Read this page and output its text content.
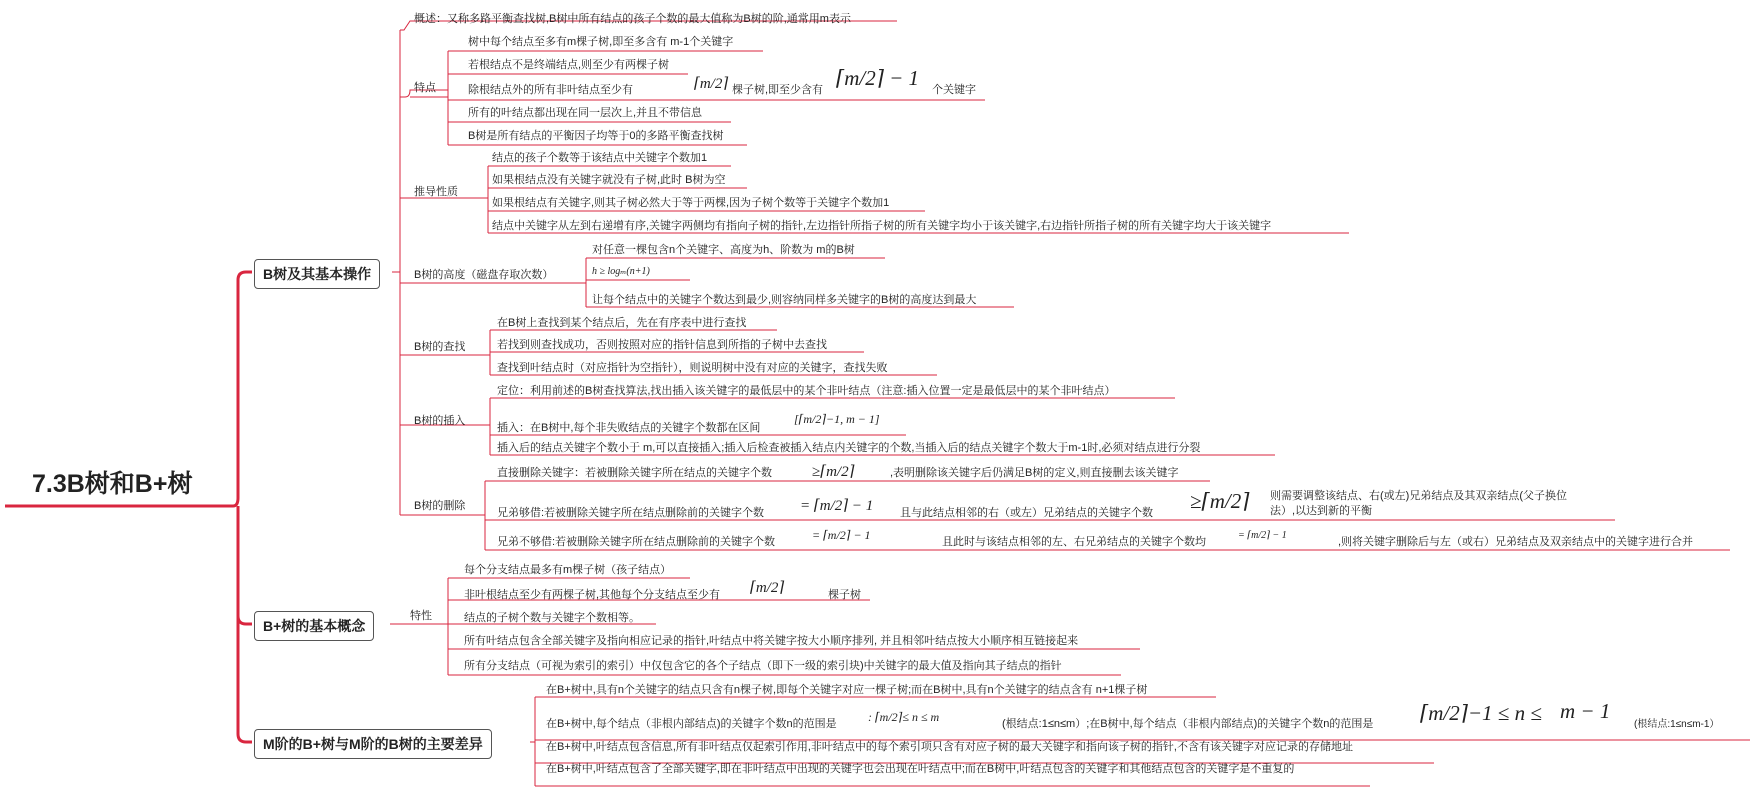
7.3B树和B+树
B树及其基本操作
B+树的基本概念
M阶的B+树与M阶的B树的主要差异
概述：又称多路平衡查找树,B树中所有结点的孩子个数的最大值称为B树的阶,通常用m表示
特点
树中每个结点至多有m棵子树,即至多含有 m-1个关键字
若根结点不是终端结点,则至少有两棵子树
除根结点外的所有非叶结点至少有	⌈m/2⌉ 棵子树,即至少含有 ⌈m/2⌉ − 1 个关键字
所有的叶结点都出现在同一层次上,并且不带信息
B树是所有结点的平衡因子均等于0的多路平衡查找树
推导性质
结点的孩子个数等于该结点中关键字个数加1
如果根结点没有关键字就没有子树,此时 B树为空
如果根结点有关键字,则其子树必然大于等于两棵,因为子树个数等于关键字个数加1
结点中关键字从左到右递增有序,关键字两侧均有指向子树的指针,左边指针所指子树的所有关键字均小于该关键字,右边指针所指子树的所有关键字均大于该关键字
B树的高度（磁盘存取次数）
对任意一棵包含n个关键字、高度为h、阶数为 m的B树
h ≥ logₘ(n+1)
让每个结点中的关键字个数达到最少,则容纳同样多关键字的B树的高度达到最大
B树的查找
在B树上查找到某个结点后，先在有序表中进行查找
若找到则查找成功，否则按照对应的指针信息到所指的子树中去查找
查找到叶结点时（对应指针为空指针），则说明树中没有对应的关键字，查找失败
B树的插入
定位：利用前述的B树查找算法,找出插入该关键字的最低层中的某个非叶结点（注意:插入位置一定是最低层中的某个非叶结点）
插入：在B树中,每个非失败结点的关键字个数都在区间
[⌈m/2⌉−1, m − 1]
插入后的结点关键字个数小于 m,可以直接插入;插入后检查被插入结点内关键字的个数,当插入后的结点关键字个数大于m-1时,必须对结点进行分裂
B树的删除
直接删除关键字：若被删除关键字所在结点的关键字个数	≥⌈m/2⌉	,表明删除该关键字后仍满足B树的定义,则直接删去该关键字
兄弟够借:若被删除关键字所在结点删除前的关键字个数 = ⌈m/2⌉ − 1 且与此结点相邻的右（或左）兄弟结点的关键字个数 ≥⌈m/2⌉ 则需要调整该结点、右(或左)兄弟结点及其双亲结点(父子换位
法）,以达到新的平衡
兄弟不够借:若被删除关键字所在结点删除前的关键字个数	= ⌈m/2⌉ − 1	且此时与该结点相邻的左、右兄弟结点的关键字个数均
= ⌈m/2⌉ − 1
,则将关键字删除后与左（或右）兄弟结点及双亲结点中的关键字进行合并
特性
每个分支结点最多有m棵子树（孩子结点）
非叶根结点至少有两棵子树,其他每个分支结点至少有 ⌈m/2⌉	棵子树
结点的子树个数与关键字个数相等。
所有叶结点包含全部关键字及指向相应记录的指针,叶结点中将关键字按大小顺序排列, 并且相邻叶结点按大小顺序相互链接起来
所有分支结点（可视为索引的索引）中仅包含它的各个子结点（即下一级的索引块)中关键字的最大值及指向其子结点的指针
在B+树中,具有n个关键字的结点只含有n棵子树,即每个关键字对应一棵子树;而在B树中,具有n个关键字的结点含有 n+1棵子树
在B+树中,每个结点（非根内部结点)的关键字个数n的范围是	: ⌈m/2⌉≤ n ≤ m	(根结点:1≤n≤m）;在B树中,每个结点（非根内部结点)的关键字个数n的范围是 ⌈m/2⌉−1 ≤ n ≤ m − 1
(根结点:1≤n≤m-1）
在B+树中,叶结点包含信息,所有非叶结点仅起索引作用,非叶结点中的每个索引项只含有对应子树的最大关键字和指向该子树的指针,不含有该关键字对应记录的存储地址
在B+树中,叶结点包含了全部关键字,即在非叶结点中出现的关键字也会出现在叶结点中;而在B树中,叶结点包含的关键字和其他结点包含的关键字是不重复的
